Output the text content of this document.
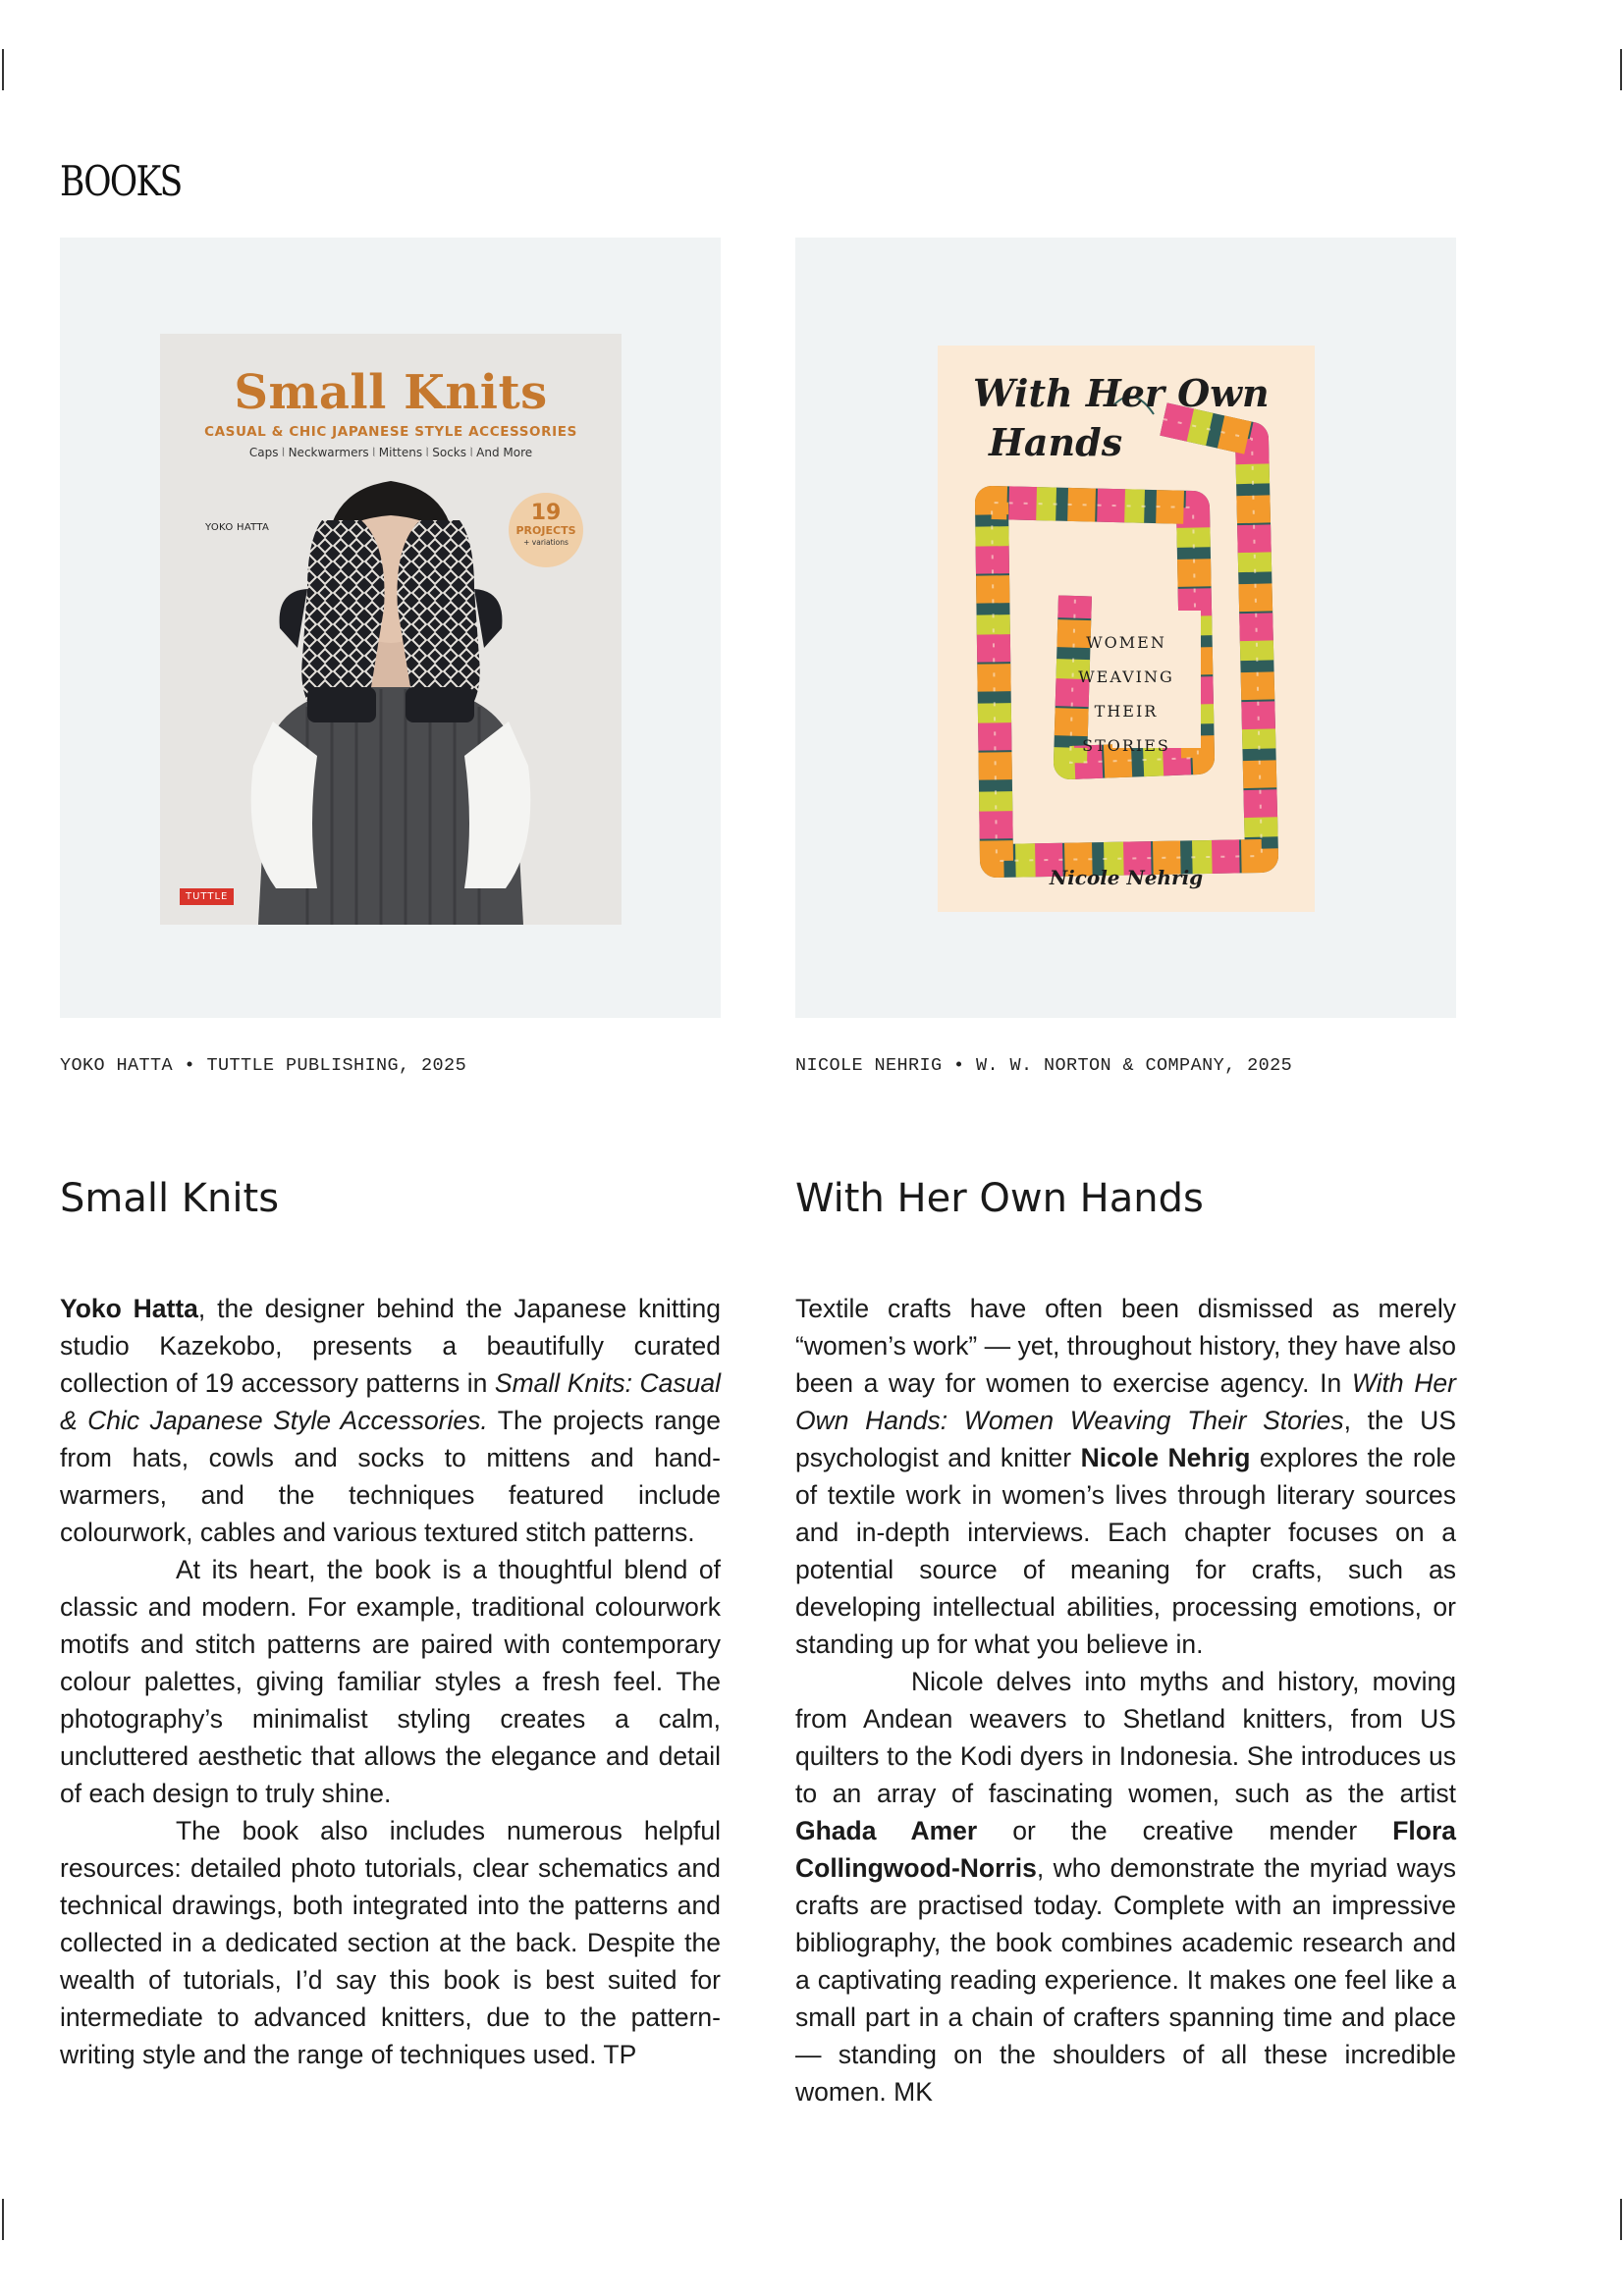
BOOKS
Small Knits
CASUAL & CHIC JAPANESE STYLE ACCESSORIES
Caps ⦚ Neckwarmers ⦚ Mittens ⦚ Socks ⦚ And More
YOKO HATTA
19
PROJECTS
+ variations
TUTTLE
With Her Own
Hands
WOMEN
WEAVING
THEIR
STORIES
Nicole Nehrig

YOKO HATTA • TUTTLE PUBLISHING, 2025	NICOLE NEHRIG • W. W. NORTON & COMPANY, 2025

Small Knits	With Her Own Hands

Yoko Hatta, the designer behind the Japanese knitting studio Kazekobo, presents a beautifully curated collection of 19 accessory patterns in Small Knits: Casual & Chic Japanese Style Accessories. The projects range from hats, cowls and socks to mittens and hand-warmers, and the techniques featured include colourwork, cables and various textured stitch patterns.

At its heart, the book is a thoughtful blend of classic and modern. For example, traditional colourwork motifs and stitch patterns are paired with contemporary colour palettes, giving familiar styles a fresh feel. The photography’s minimalist styling creates a calm, uncluttered aesthetic that allows the elegance and detail of each design to truly shine.

The book also includes numerous helpful resources: detailed photo tutorials, clear schematics and technical drawings, both integrated into the patterns and collected in a dedicated section at the back. Despite the wealth of tutorials, I’d say this book is best suited for intermediate to advanced knitters, due to the pattern-writing style and the range of techniques used. TP

Textile crafts have often been dismissed as merely “women’s work” — yet, throughout history, they have also been a way for women to exercise agency. In With Her Own Hands: Women Weaving Their Stories, the US psychologist and knitter Nicole Nehrig explores the role of textile work in women’s lives through literary sources and in-depth interviews. Each chapter focuses on a potential source of meaning for crafts, such as developing intellectual abilities, processing emotions, or standing up for what you believe in.

Nicole delves into myths and history, moving from Andean weavers to Shetland knitters, from US quilters to the Kodi dyers in Indonesia. She introduces us to an array of fascinating women, such as the artist Ghada Amer or the creative mender Flora Collingwood-Norris, who demonstrate the myriad ways crafts are practised today. Complete with an impressive bibliography, the book combines academic research and a captivating reading experience. It makes one feel like a small part in a chain of crafters spanning time and place — standing on the shoulders of all these incredible women. MK
